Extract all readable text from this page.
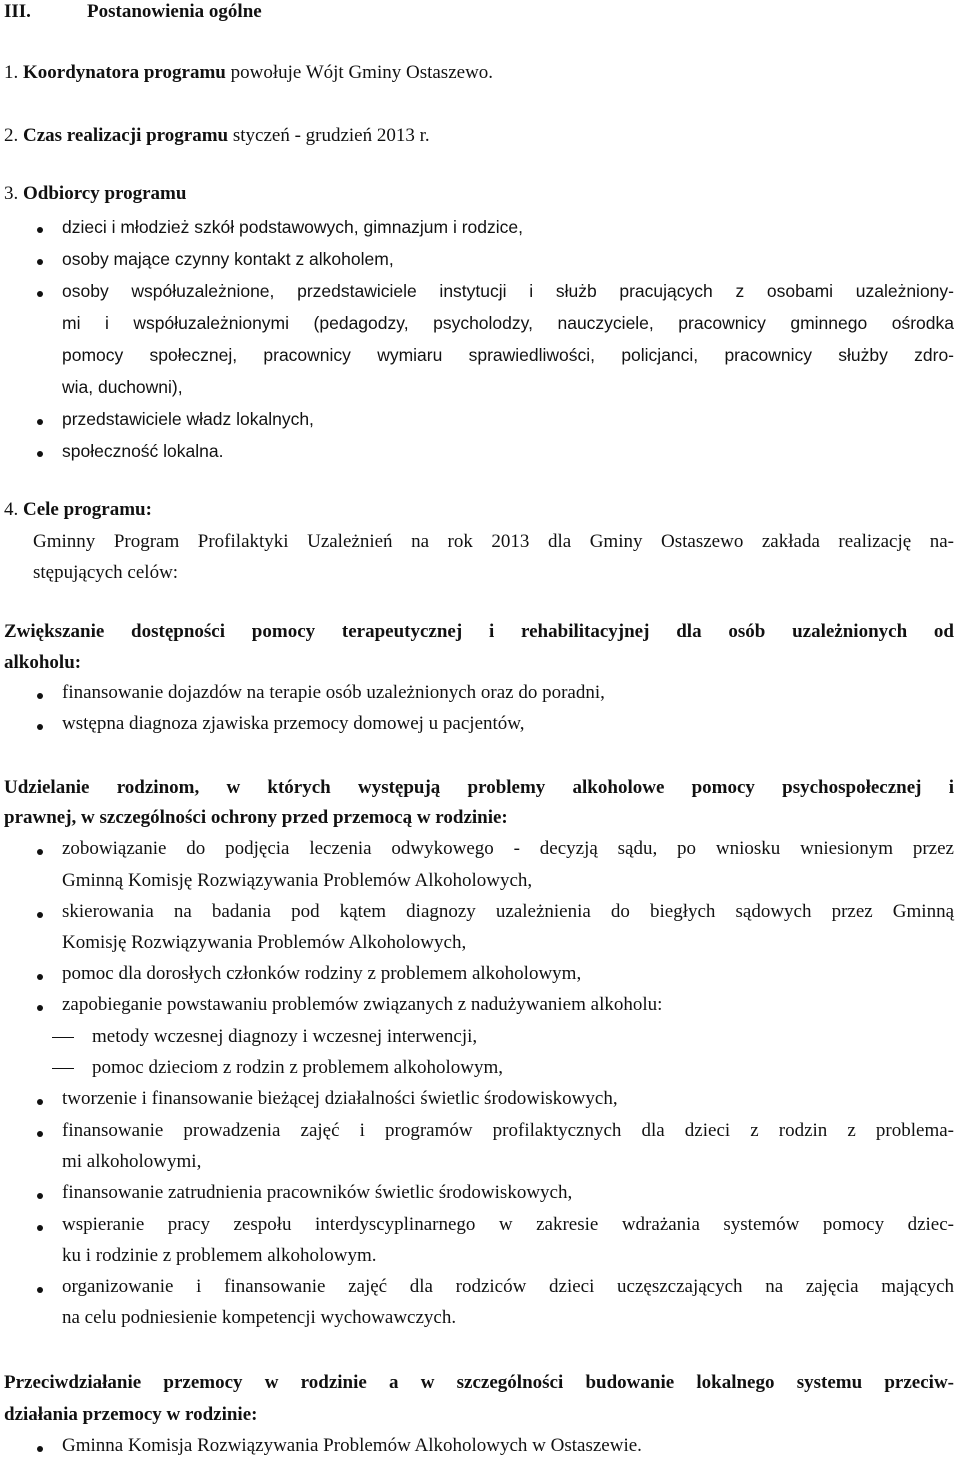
III.	Postanowienia ogólne
1. Koordynatora programu powołuje Wójt Gminy Ostaszewo.
2. Czas realizacji programu styczeń - grudzień 2013 r.
3. Odbiorcy programu
dzieci i młodzież szkół podstawowych, gimnazjum i rodzice,
osoby mające czynny kontakt z alkoholem,
osoby współuzależnione, przedstawiciele instytucji i służb pracujących z osobami uzależniony-
mi i współuzależnionymi (pedagodzy, psycholodzy, nauczyciele, pracownicy gminnego ośrodka
pomocy społecznej, pracownicy wymiaru sprawiedliwości, policjanci, pracownicy służby zdro-
wia, duchowni),
przedstawiciele władz lokalnych,
społeczność lokalna.
4. Cele programu:
Gminny Program Profilaktyki Uzależnień na rok 2013 dla Gminy Ostaszewo zakłada realizację na-
stępujących celów:
Zwiększanie dostępności pomocy terapeutycznej i rehabilitacyjnej dla osób uzależnionych od
alkoholu:
finansowanie dojazdów na terapie osób uzależnionych oraz do poradni,
wstępna diagnoza zjawiska przemocy domowej u pacjentów,
Udzielanie rodzinom, w których występują problemy alkoholowe pomocy psychospołecznej i
prawnej, w szczególności ochrony przed przemocą w rodzinie:
zobowiązanie do podjęcia leczenia odwykowego - decyzją sądu, po wniosku wniesionym przez
Gminną Komisję Rozwiązywania Problemów Alkoholowych,
skierowania na badania pod kątem diagnozy uzależnienia do biegłych sądowych przez Gminną
Komisję Rozwiązywania Problemów Alkoholowych,
pomoc dla dorosłych członków rodziny z problemem alkoholowym,
zapobieganie powstawaniu problemów związanych z nadużywaniem alkoholu:
metody wczesnej diagnozy i wczesnej interwencji,
pomoc dzieciom z rodzin z problemem alkoholowym,
tworzenie i finansowanie bieżącej działalności świetlic środowiskowych,
finansowanie prowadzenia zajęć i programów profilaktycznych dla dzieci z rodzin z problema-
mi alkoholowymi,
finansowanie zatrudnienia pracowników świetlic środowiskowych,
wspieranie pracy zespołu interdyscyplinarnego w zakresie wdrażania systemów pomocy dziec-
ku i rodzinie z problemem alkoholowym.
organizowanie i finansowanie zajęć dla rodziców dzieci uczęszczających na zajęcia mających
na celu podniesienie kompetencji wychowawczych.
Przeciwdziałanie przemocy w rodzinie a w szczególności budowanie lokalnego systemu przeciw-
działania przemocy w rodzinie:
Gminna Komisja Rozwiązywania Problemów Alkoholowych w Ostaszewie.
